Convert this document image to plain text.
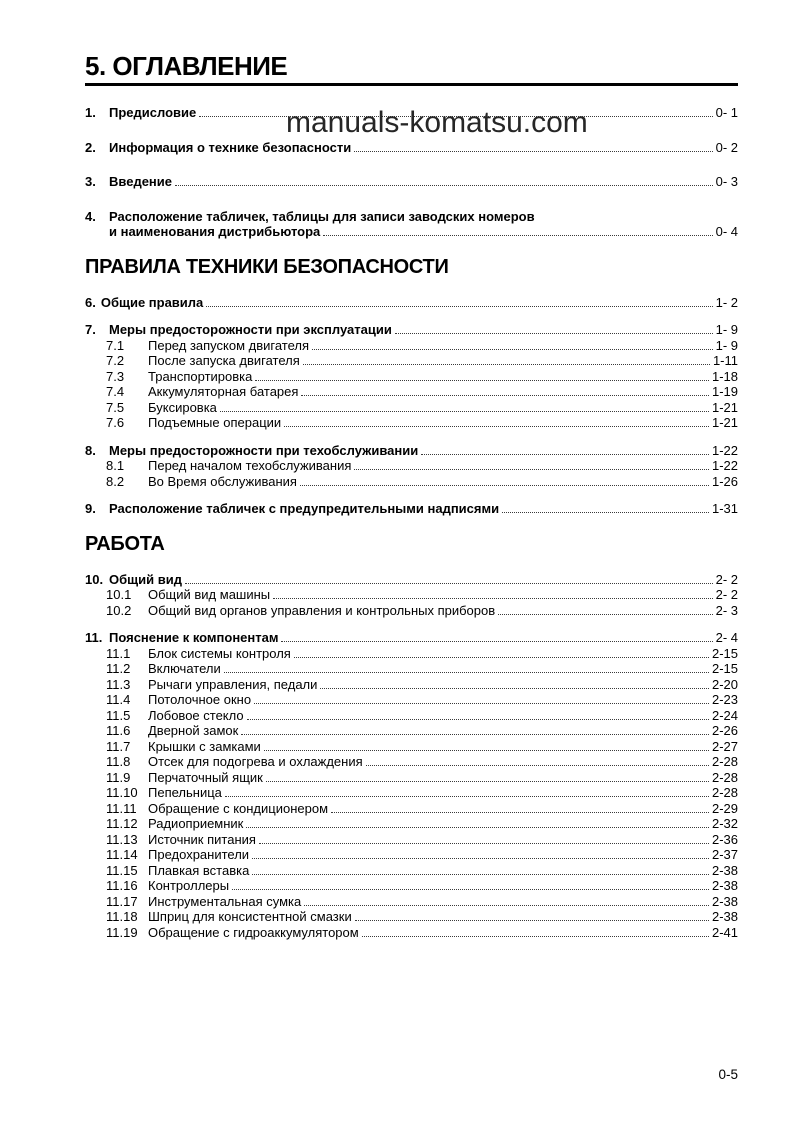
5. ОГЛАВЛЕНИЕ
1.	Предисловие	0- 1
2.	Информация о технике безопасности	0- 2
3.	Введение	0- 3
4.	Расположение табличек, таблицы для записи заводских номеров
и наименования дистрибьютора	0- 4
ПРАВИЛА ТЕХНИКИ БЕЗОПАСНОСТИ
6. Общие правила	1- 2
7.	Меры предосторожности при эксплуатации	1- 9
7.1	Перед запуском двигателя	1- 9
7.2	После запуска двигателя	1-11
7.3	Транспортировка	1-18
7.4	Аккумуляторная батарея	1-19
7.5	Буксировка	1-21
7.6	Подъемные операции	1-21
8.	Меры предосторожности при техобслуживании	1-22
8.1	Перед началом техобслуживания	1-22
8.2	Во Время обслуживания	1-26
9.	Расположение табличек с предупредительными надписями	1-31
РАБОТА
10. Общий вид	2- 2
10.1	Общий вид машины	2- 2
10.2	Общий вид органов управления и контрольных приборов	2- 3
11. Пояснение к компонентам	2- 4
11.1	Блок системы контроля	2-15
11.2	Включатели	2-15
11.3	Рычаги управления, педали	2-20
11.4	Потолочное окно	2-23
11.5	Лобовое стекло	2-24
11.6	Дверной замок	2-26
11.7	Крышки с замками	2-27
11.8	Отсек для подогрева и охлаждения	2-28
11.9	Перчаточный ящик	2-28
11.10 Пепельница	2-28
11.11 Обращение с кондиционером	2-29
11.12 Радиоприемник	2-32
11.13 Источник питания	2-36
11.14 Предохранители	2-37
11.15 Плавкая вставка	2-38
11.16 Контроллеры	2-38
11.17 Инструментальная сумка	2-38
11.18 Шприц для консистентной смазки	2-38
11.19 Обращение с гидроаккумулятором	2-41
manuals-komatsu.com
0-5
